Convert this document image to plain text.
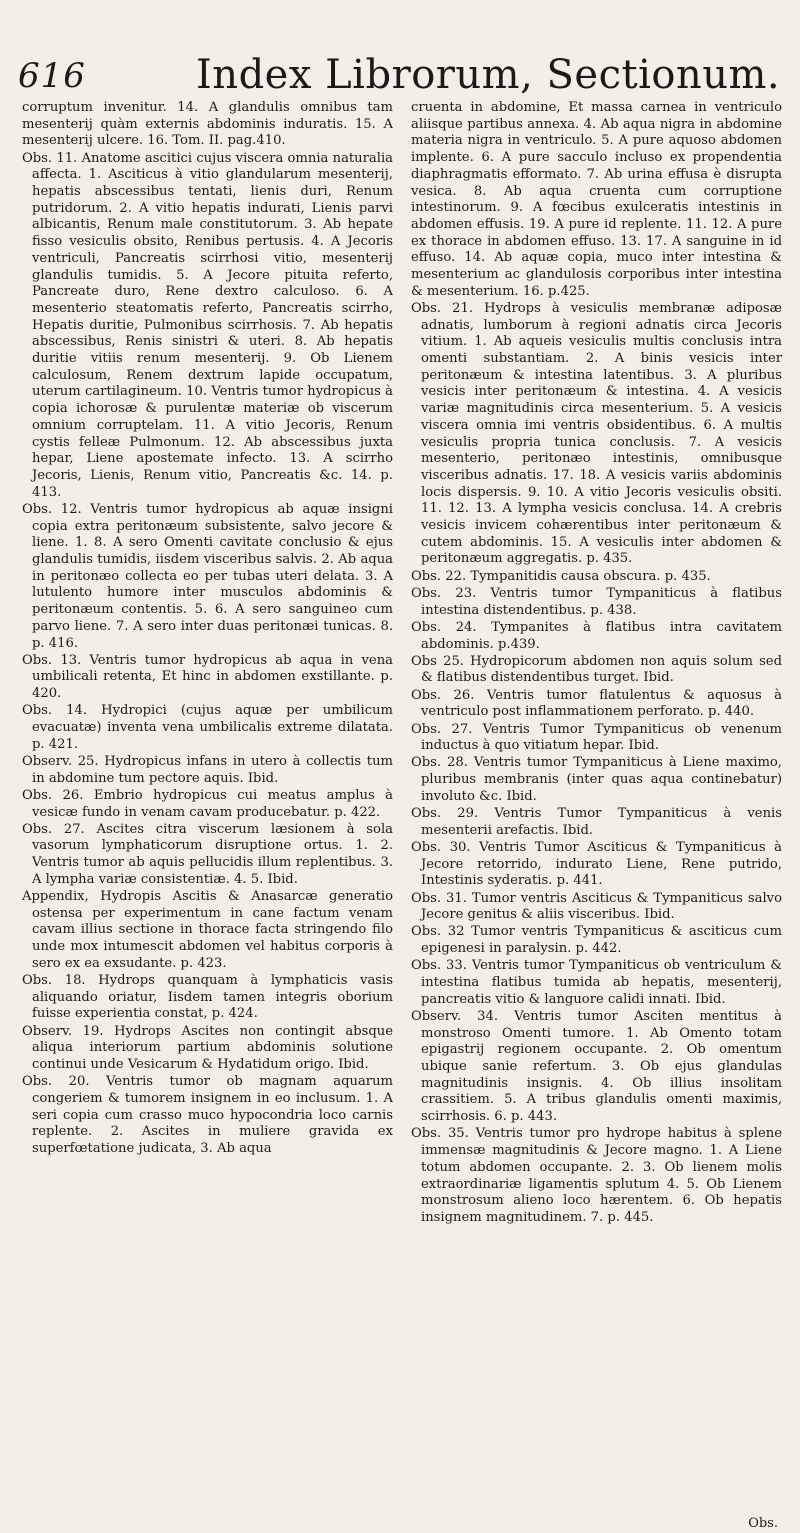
616	Index Librorum, Sectionum.

corruptum invenitur. 14. A glandulis omnibus tam mesenterij quàm externis abdominis induratis. 15. A mesenterij ulcere. 16. Tom. II. pag.410.

Obs. 11. Anatome ascitici cujus viscera omnia naturalia affecta. 1. Asciticus à vitio glandularum mesenterij, hepatis abscessibus tentati, lienis duri, Renum putridorum. 2. A vitio hepatis indurati, Lienis parvi albicantis, Renum male constitutorum. 3. Ab hepate fisso vesiculis obsito, Renibus pertusis. 4. A Jecoris ventriculi, Pancreatis scirrhosi vitio, mesenterij glandulis tumidis. 5. A Jecore pituita referto, Pancreate duro, Rene dextro calculoso. 6. A mesenterio steatomatis referto, Pancreatis scirrho, Hepatis duritie, Pulmonibus scirrhosis. 7. Ab hepatis abscessibus, Renis sinistri & uteri. 8. Ab hepatis duritie vitiis renum mesenterij. 9. Ob Lienem calculosum, Renem dextrum lapide occupatum, uterum cartilagineum. 10. Ventris tumor hydropicus à copia ichorosæ & purulentæ materiæ ob viscerum omnium corruptelam. 11. A vitio Jecoris, Renum cystis felleæ Pulmonum. 12. Ab abscessibus juxta hepar, Liene apostemate infecto. 13. A scirrho Jecoris, Lienis, Renum vitio, Pancreatis &c. 14. p. 413.

Obs. 12. Ventris tumor hydropicus ab aquæ insigni copia extra peritonæum subsistente, salvo jecore & liene. 1. 8. A sero Omenti cavitate conclusio & ejus glandulis tumidis, iisdem visceribus salvis. 2. Ab aqua in peritonæo collecta eo per tubas uteri delata. 3. A lutulento humore inter musculos abdominis & peritonæum contentis. 5. 6. A sero sanguineo cum parvo liene. 7. A sero inter duas peritonæi tunicas. 8. p. 416.

Obs. 13. Ventris tumor hydropicus ab aqua in vena umbilicali retenta, Et hinc in abdomen exstillante. p. 420.

Obs. 14. Hydropici (cujus aquæ per umbilicum evacuatæ) inventa vena umbilicalis extreme dilatata. p. 421.

Observ. 25. Hydropicus infans in utero à collectis tum in abdomine tum pectore aquis. Ibid.

Obs. 26. Embrio hydropicus cui meatus amplus à vesicæ fundo in venam cavam producebatur. p. 422.

Obs. 27. Ascites citra viscerum læsionem à sola vasorum lymphaticorum disruptione ortus. 1. 2. Ventris tumor ab aquis pellucidis illum replentibus. 3. A lympha variæ consistentiæ. 4. 5. Ibid.

Appendix, Hydropis Ascitis & Anasarcæ generatio ostensa per experimentum in cane factum venam cavam illius sectione in thorace facta stringendo filo unde mox intumescit abdomen vel habitus corporis à sero ex ea exsudante. p. 423.

Obs. 18. Hydrops quanquam à lymphaticis vasis aliquando oriatur, Iisdem tamen integris oborium fuisse experientia constat, p. 424.

Observ. 19. Hydrops Ascites non contingit absque aliqua interiorum partium abdominis solutione continui unde Vesicarum & Hydatidum origo. Ibid.

Obs. 20. Ventris tumor ob magnam aquarum congeriem & tumorem insignem in eo inclusum. 1. A seri copia cum crasso muco hypocondria loco carnis replente. 2. Ascites in muliere gravida ex superfœtatione judicata, 3. Ab aqua

cruenta in abdomine, Et massa carnea in ventriculo aliisque partibus annexa. 4. Ab aqua nigra in abdomine materia nigra in ventriculo. 5. A pure aquoso abdomen implente. 6. A pure sacculo incluso ex propendentia diaphragmatis efformato. 7. Ab urina effusa è disrupta vesica. 8. Ab aqua cruenta cum corruptione intestinorum. 9. A fœcibus exulceratis intestinis in abdomen effusis. 19. A pure id replente. 11. 12. A pure ex thorace in abdomen effuso. 13. 17. A sanguine in id effuso. 14. Ab aquæ copia, muco inter intestina & mesenterium ac glandulosis corporibus inter intestina & mesenterium. 16. p.425.

Obs. 21. Hydrops à vesiculis membranæ adiposæ adnatis, lumborum à regioni adnatis circa Jecoris vitium. 1. Ab aqueis vesiculis multis conclusis intra omenti substantiam. 2. A binis vesicis inter peritonæum & intestina latentibus. 3. A pluribus vesicis inter peritonæum & intestina. 4. A vesicis variæ magnitudinis circa mesenterium. 5. A vesicis viscera omnia imi ventris obsidentibus. 6. A multis vesiculis propria tunica conclusis. 7. A vesicis mesenterio, peritonæo intestinis, omnibusque visceribus adnatis. 17. 18. A vesicis variis abdominis locis dispersis. 9. 10. A vitio Jecoris vesiculis obsiti. 11. 12. 13. A lympha vesicis conclusa. 14. A crebris vesicis invicem cohærentibus inter peritonæum & cutem abdominis. 15. A vesiculis inter abdomen & peritonæum aggregatis. p. 435.

Obs. 22. Tympanitidis causa obscura. p. 435.

Obs. 23. Ventris tumor Tympaniticus à flatibus intestina distendentibus. p. 438.

Obs. 24. Tympanites à flatibus intra cavitatem abdominis. p.439.

Obs 25. Hydropicorum abdomen non aquis solum sed & flatibus distendentibus turget. Ibid.

Obs. 26. Ventris tumor flatulentus & aquosus à ventriculo post inflammationem perforato. p. 440.

Obs. 27. Ventris Tumor Tympaniticus ob venenum inductus à quo vitiatum hepar. Ibid.

Obs. 28. Ventris tumor Tympaniticus à Liene maximo, pluribus membranis (inter quas aqua continebatur) involuto &c. Ibid.

Obs. 29. Ventris Tumor Tympaniticus à venis mesenterii arefactis. Ibid.

Obs. 30. Ventris Tumor Asciticus & Tympaniticus à Jecore retorrido, indurato Liene, Rene putrido, Intestinis syderatis. p. 441.

Obs. 31. Tumor ventris Asciticus & Tympaniticus salvo Jecore genitus & aliis visceribus. Ibid.

Obs. 32 Tumor ventris Tympaniticus & asciticus cum epigenesi in paralysin. p. 442.

Obs. 33. Ventris tumor Tympaniticus ob ventriculum & intestina flatibus tumida ab hepatis, mesenterij, pancreatis vitio & languore calidi innati. Ibid.

Observ. 34. Ventris tumor Asciten mentitus à monstroso Omenti tumore. 1. Ab Omento totam epigastrij regionem occupante. 2. Ob omentum ubique sanie refertum. 3. Ob ejus glandulas magnitudinis insignis. 4. Ob illius insolitam crassitiem. 5. A tribus glandulis omenti maximis, scirrhosis. 6. p. 443.

Obs. 35. Ventris tumor pro hydrope habitus à splene immensæ magnitudinis & Jecore magno. 1. A Liene totum abdomen occupante. 2. 3. Ob lienem molis extraordinariæ ligamentis splutum 4. 5. Ob Lienem monstrosum alieno loco hærentem. 6. Ob hepatis insignem magnitudinem. 7. p. 445.

Obs.
